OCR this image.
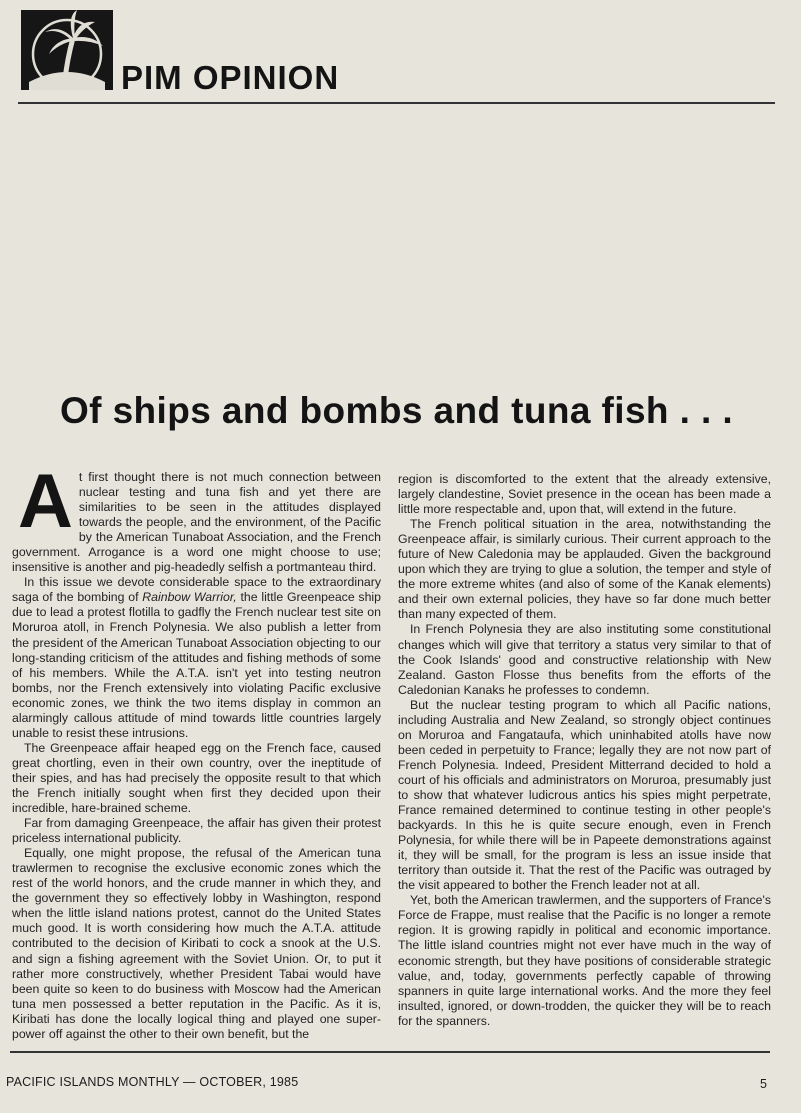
PIM OPINION
Of ships and bombs and tuna fish . . .

At first thought there is not much connection between nuclear testing and tuna fish and yet there are similarities to be seen in the attitudes displayed towards the people, and the environment, of the Pacific by the American Tunaboat Association, and the French government. Arrogance is a word one might choose to use; insensitive is another and pig-headedly selfish a portmanteau third.

In this issue we devote considerable space to the extraordinary saga of the bombing of Rainbow Warrior, the little Greenpeace ship due to lead a protest flotilla to gadfly the French nuclear test site on Moruroa atoll, in French Polynesia. We also publish a letter from the president of the American Tunaboat Association objecting to our long-standing criticism of the attitudes and fishing methods of some of his members. While the A.T.A. isn't yet into testing neutron bombs, nor the French extensively into violating Pacific exclusive economic zones, we think the two items display in common an alarmingly callous attitude of mind towards little countries largely unable to resist these intrusions.

The Greenpeace affair heaped egg on the French face, caused great chortling, even in their own country, over the ineptitude of their spies, and has had precisely the opposite result to that which the French initially sought when first they decided upon their incredible, hare-brained scheme.

Far from damaging Greenpeace, the affair has given their protest priceless international publicity.

Equally, one might propose, the refusal of the American tuna trawlermen to recognise the exclusive economic zones which the rest of the world honors, and the crude manner in which they, and the government they so effectively lobby in Washington, respond when the little island nations protest, cannot do the United States much good. It is worth considering how much the A.T.A. attitude contributed to the decision of Kiribati to cock a snook at the U.S. and sign a fishing agreement with the Soviet Union. Or, to put it rather more constructively, whether President Tabai would have been quite so keen to do business with Moscow had the American tuna men possessed a better reputation in the Pacific. As it is, Kiribati has done the locally logical thing and played one super-power off against the other to their own benefit, but the

region is discomforted to the extent that the already extensive, largely clandestine, Soviet presence in the ocean has been made a little more respectable and, upon that, will extend in the future.

The French political situation in the area, notwithstanding the Greenpeace affair, is similarly curious. Their current approach to the future of New Caledonia may be applauded. Given the background upon which they are trying to glue a solution, the temper and style of the more extreme whites (and also of some of the Kanak elements) and their own external policies, they have so far done much better than many expected of them.

In French Polynesia they are also instituting some constitutional changes which will give that territory a status very similar to that of the Cook Islands' good and constructive relationship with New Zealand. Gaston Flosse thus benefits from the efforts of the Caledonian Kanaks he professes to condemn.

But the nuclear testing program to which all Pacific nations, including Australia and New Zealand, so strongly object continues on Moruroa and Fangataufa, which uninhabited atolls have now been ceded in perpetuity to France; legally they are not now part of French Polynesia. Indeed, President Mitterrand decided to hold a court of his officials and administrators on Moruroa, presumably just to show that whatever ludicrous antics his spies might perpetrate, France remained determined to continue testing in other people's backyards. In this he is quite secure enough, even in French Polynesia, for while there will be in Papeete demonstrations against it, they will be small, for the program is less an issue inside that territory than outside it. That the rest of the Pacific was outraged by the visit appeared to bother the French leader not at all.

Yet, both the American trawlermen, and the supporters of France's Force de Frappe, must realise that the Pacific is no longer a remote region. It is growing rapidly in political and economic importance. The little island countries might not ever have much in the way of economic strength, but they have positions of considerable strategic value, and, today, governments perfectly capable of throwing spanners in quite large international works. And the more they feel insulted, ignored, or down-trodden, the quicker they will be to reach for the spanners.

PACIFIC ISLANDS MONTHLY — OCTOBER, 1985	5
